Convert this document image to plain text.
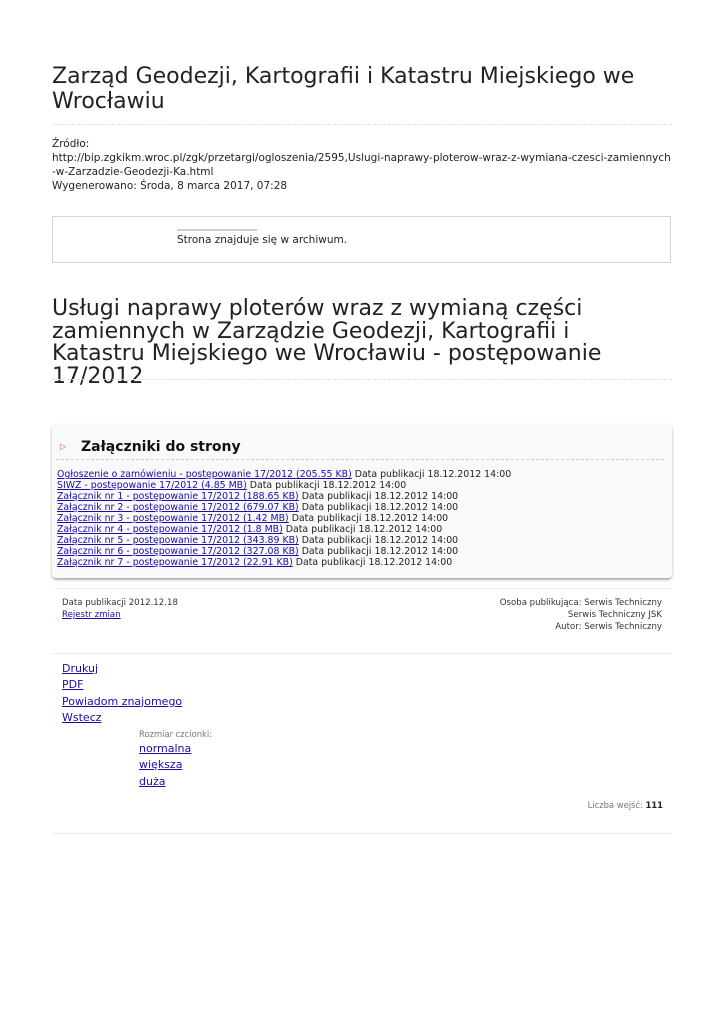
Zarząd Geodezji, Kartografii i Katastru Miejskiego we Wrocławiu
Źródło:
http://bip.zgkikm.wroc.pl/zgk/przetargi/ogloszenia/2595,Uslugi-naprawy-ploterow-wraz-z-wymiana-czesci-zamiennych-w-Zarzadzie-Geodezji-Ka.html
Wygenerowano: Środa, 8 marca 2017, 07:28
Strona znajduje się w archiwum.
Usługi naprawy ploterów wraz z wymianą części zamiennych w Zarządzie Geodezji, Kartografii i Katastru Miejskiego we Wrocławiu - postępowanie 17/2012
▷ Załączniki do strony
Ogłoszenie o zamówieniu - postępowanie 17/2012 (205.55 KB) Data publikacji 18.12.2012 14:00
SIWZ - postępowanie 17/2012 (4.85 MB) Data publikacji 18.12.2012 14:00
Załącznik nr 1 - postępowanie 17/2012 (188.65 KB) Data publikacji 18.12.2012 14:00
Załącznik nr 2 - postępowanie 17/2012 (679.07 KB) Data publikacji 18.12.2012 14:00
Załącznik nr 3 - postępowanie 17/2012 (1.42 MB) Data publikacji 18.12.2012 14:00
Załącznik nr 4 - postępowanie 17/2012 (1.8 MB) Data publikacji 18.12.2012 14:00
Załącznik nr 5 - postępowanie 17/2012 (343.89 KB) Data publikacji 18.12.2012 14:00
Załącznik nr 6 - postępowanie 17/2012 (327.08 KB) Data publikacji 18.12.2012 14:00
Załącznik nr 7 - postępowanie 17/2012 (22.91 KB) Data publikacji 18.12.2012 14:00
Data publikacji 2012.12.18
Rejestr zmian
Osoba publikująca: Serwis Techniczny
Serwis Techniczny JSK
Autor: Serwis Techniczny
Drukuj
PDF
Powiadom znajomego
Wstecz
Rozmiar czcionki:
normalna
większa
duża
Liczba wejść: 111
